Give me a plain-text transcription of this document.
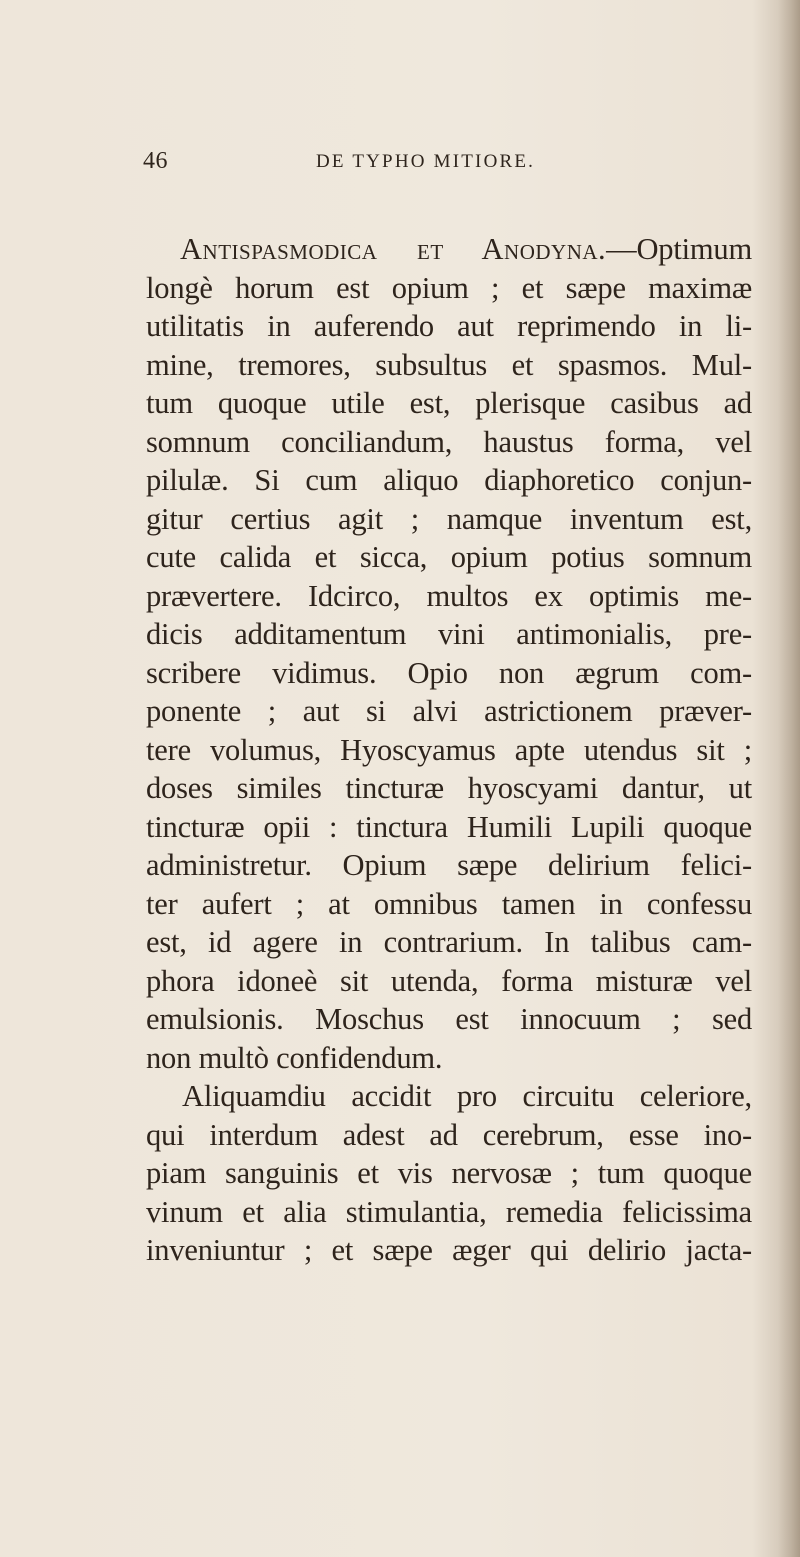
46	DE TYPHO MITIORE.
Antispasmodica et Anodyna.—Optimum
longè horum est opium ; et sæpe maximæ
utilitatis in auferendo aut reprimendo in li-
mine, tremores, subsultus et spasmos. Mul-
tum quoque utile est, plerisque casibus ad
somnum conciliandum, haustus forma, vel
pilulæ. Si cum aliquo diaphoretico conjun-
gitur certius agit ; namque inventum est,
cute calida et sicca, opium potius somnum
prævertere. Idcirco, multos ex optimis me-
dicis additamentum vini antimonialis, pre-
scribere vidimus. Opio non ægrum com-
ponente ; aut si alvi astrictionem præver-
tere volumus, Hyoscyamus apte utendus sit ;
doses similes tincturæ hyoscyami dantur, ut
tincturæ opii : tinctura Humili Lupili quoque
administretur. Opium sæpe delirium felici-
ter aufert ; at omnibus tamen in confessu
est, id agere in contrarium. In talibus cam-
phora idoneè sit utenda, forma misturæ vel
emulsionis. Moschus est innocuum ; sed
non multò confidendum.
Aliquamdiu accidit pro circuitu celeriore,
qui interdum adest ad cerebrum, esse ino-
piam sanguinis et vis nervosæ ; tum quoque
vinum et alia stimulantia, remedia felicissima
inveniuntur ; et sæpe æger qui delirio jacta-
